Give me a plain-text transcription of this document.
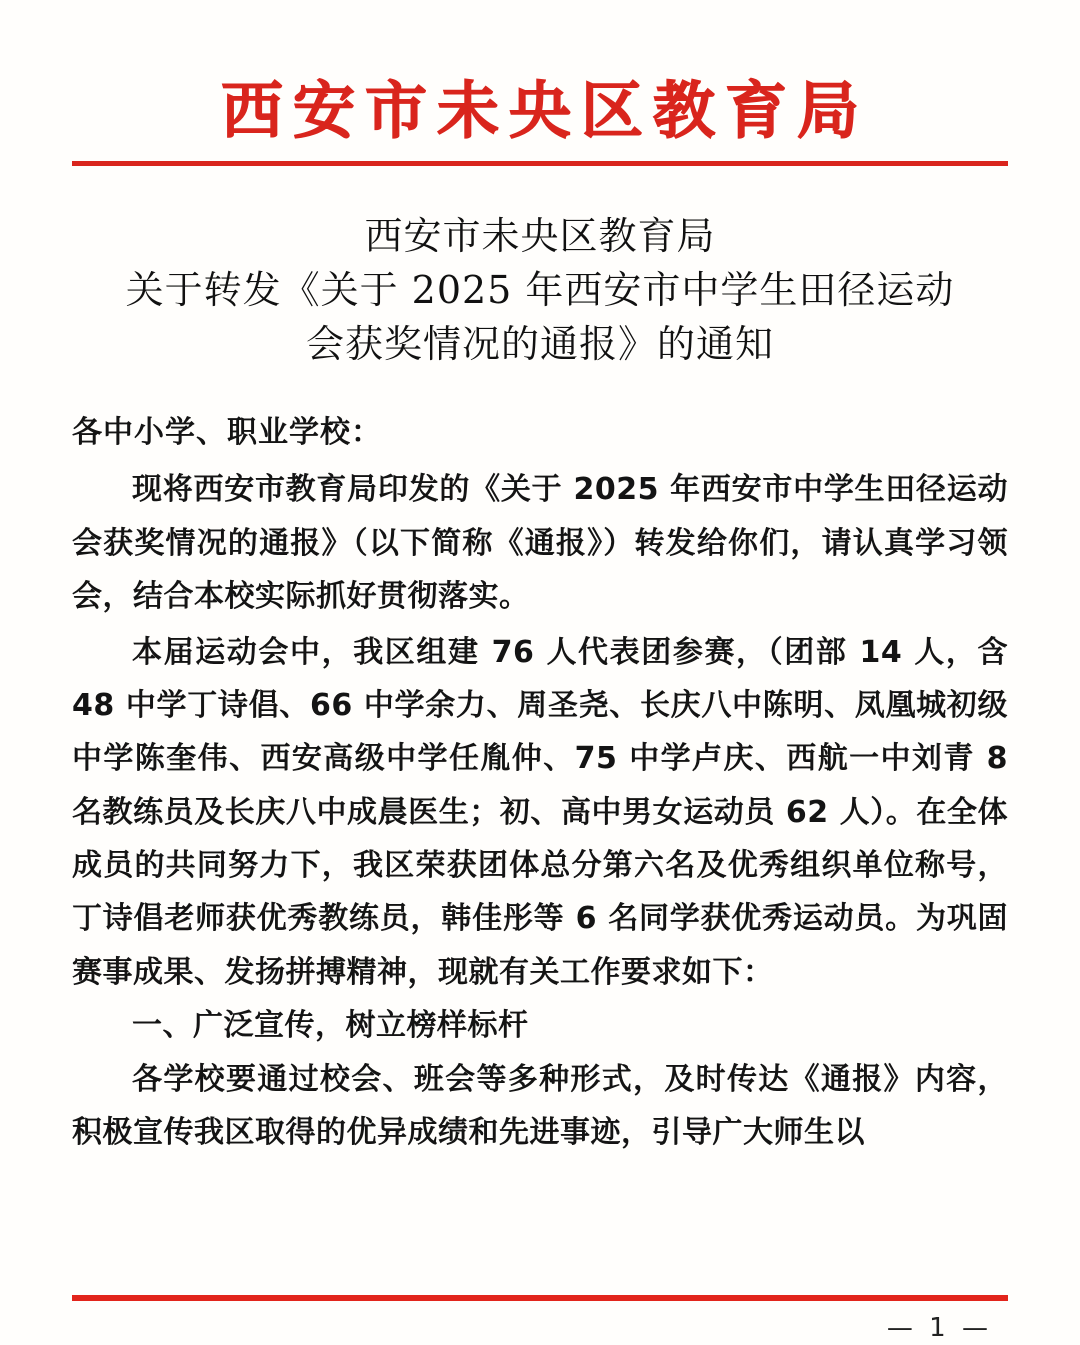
西安市未央区教育局
西安市未央区教育局
关于转发《关于 2025 年西安市中学生田径运动
会获奖情况的通报》的通知

各中小学、职业学校：

现将西安市教育局印发的《关于 2025 年西安市中学生田径运动会获奖情况的通报》（以下简称《通报》）转发给你们，请认真学习领会，结合本校实际抓好贯彻落实。

本届运动会中，我区组建 76 人代表团参赛，（团部 14 人，含 48 中学丁诗倡、66 中学余力、周圣尧、长庆八中陈明、凤凰城初级中学陈奎伟、西安高级中学任胤仲、75 中学卢庆、西航一中刘青 8 名教练员及长庆八中成晨医生；初、高中男女运动员 62 人）。在全体成员的共同努力下，我区荣获团体总分第六名及优秀组织单位称号，丁诗倡老师获优秀教练员，韩佳彤等 6 名同学获优秀运动员。为巩固赛事成果、发扬拼搏精神，现就有关工作要求如下：

一、广泛宣传，树立榜样标杆

各学校要通过校会、班会等多种形式，及时传达《通报》内容，积极宣传我区取得的优异成绩和先进事迹，引导广大师生以

— 1 —
